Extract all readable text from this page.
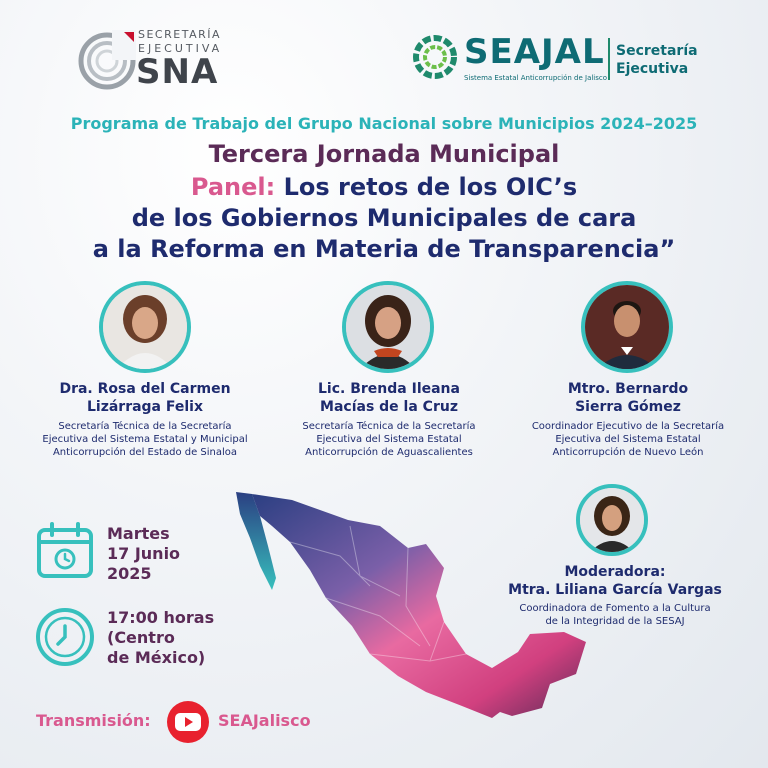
SECRETARÍA
EJECUTIVA
SNA	SEAJAL
Sistema Estatal Anticorrupción de Jalisco
Secretaría
Ejecutiva
Programa de Trabajo del Grupo Nacional sobre Municipios 2024–2025
Tercera Jornada Municipal
Panel: Los retos de los OIC’s
de los Gobiernos Municipales de cara
a la Reforma en Materia de Transparencia”
Dra. Rosa del Carmen
Lizárraga Felix
Secretaría Técnica de la Secretaría
Ejecutiva del Sistema Estatal y Municipal
Anticorrupción del Estado de Sinaloa
Lic. Brenda Ileana
Macías de la Cruz
Secretaría Técnica de la Secretaría
Ejecutiva del Sistema Estatal
Anticorrupción de Aguascalientes
Mtro. Bernardo
Sierra Gómez
Coordinador Ejecutivo de la Secretaría
Ejecutiva del Sistema Estatal
Anticorrupción de Nuevo León
Martes
17 Junio
2025
17:00 horas
(Centro
de México)
Moderadora:
Mtra. Liliana García Vargas
Coordinadora de Fomento a la Cultura
de la Integridad de la SESAJ
Transmisión:	SEAJalisco
